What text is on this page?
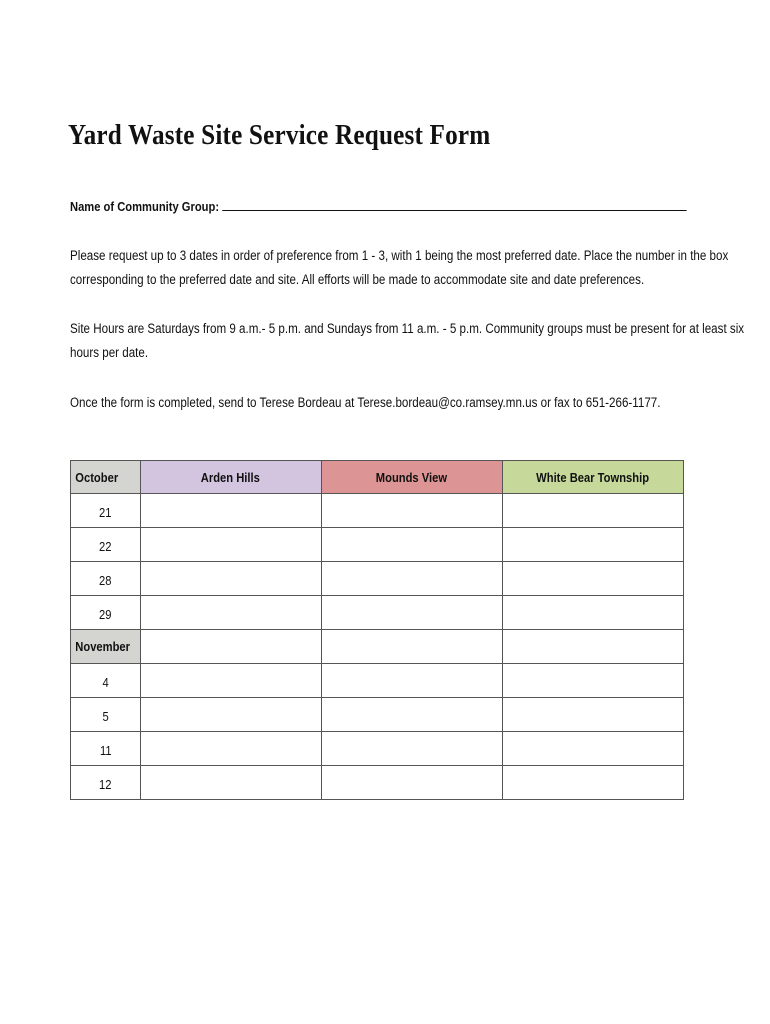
Yard Waste Site Service Request Form
Name of Community Group:
Please request up to 3 dates in order of preference from 1 - 3, with 1 being the most preferred date. Place the number in the box
corresponding to the preferred date and site. All efforts will be made to accommodate site and date preferences.
Site Hours are Saturdays from 9 a.m.- 5 p.m. and Sundays from 11 a.m. - 5 p.m. Community groups must be present for at least six
hours per date.
Once the form is completed, send to Terese Bordeau at Terese.bordeau@co.ramsey.mn.us or fax to 651-266-1177.
October	Arden Hills	Mounds View	White Bear Township
21			
22			
28			
29			
November			
4			
5			
11			
12			
